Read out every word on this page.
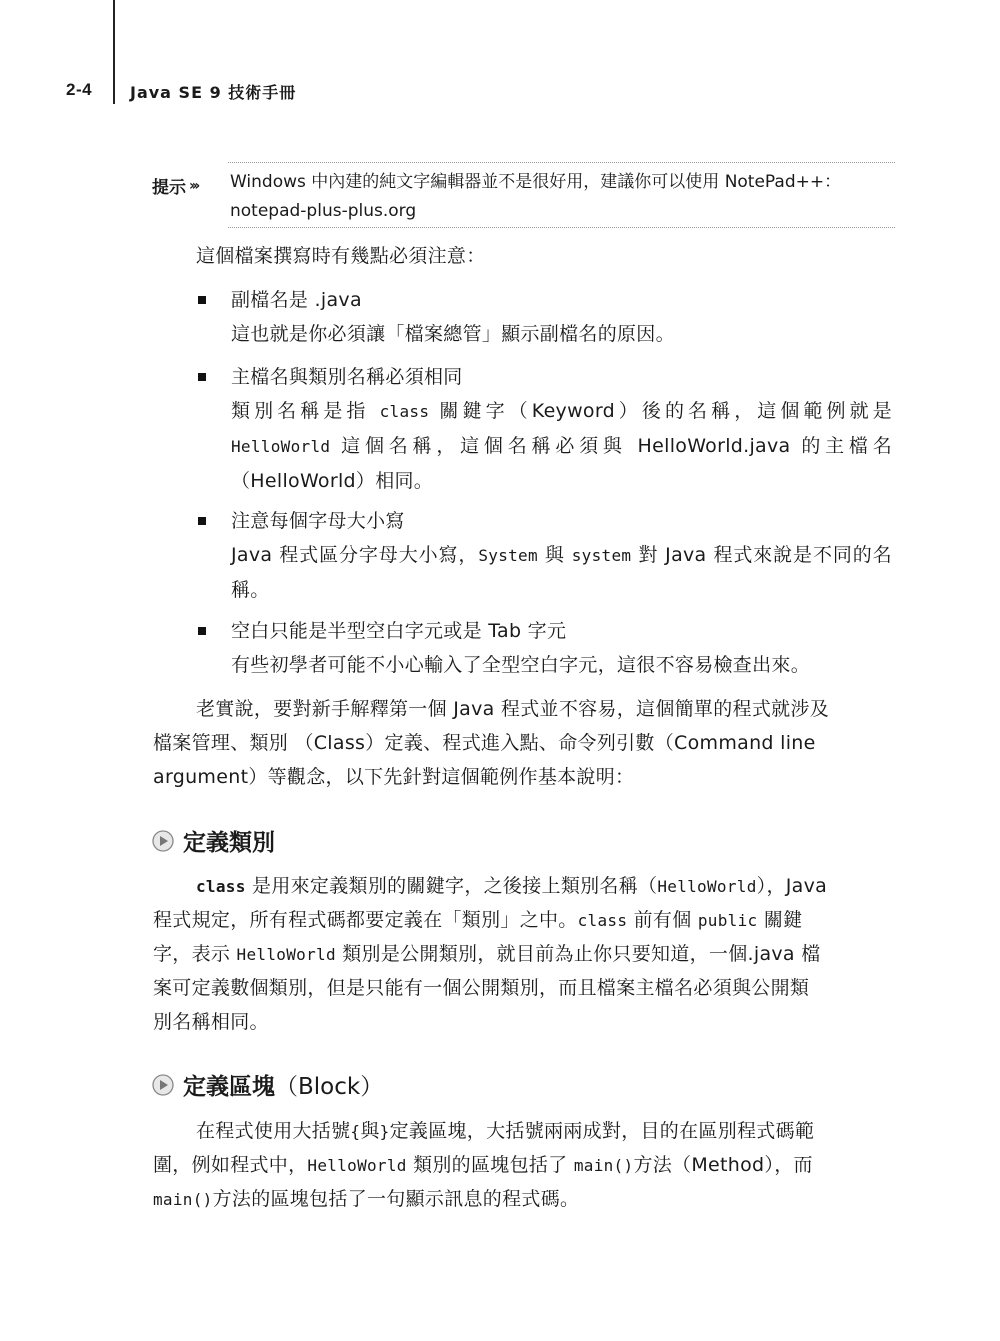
2-4 Java SE 9 技術手冊
提示 ››› Windows 中內建的純文字編輯器並不是很好用，建議你可以使用 NotePad++：
notepad-plus-plus.org
這個檔案撰寫時有幾點必須注意：
副檔名是 .java
這也就是你必須讓「檔案總管」顯示副檔名的原因。
主檔名與類別名稱必須相同
類別名稱是指 class 關鍵字（Keyword）後的名稱，這個範例就是 HelloWorld 這個名稱，這個名稱必須與 HelloWorld.java 的主檔名 （HelloWorld）相同。
注意每個字母大小寫
Java 程式區分字母大小寫，System 與 system 對 Java 程式來說是不同的名稱。
空白只能是半型空白字元或是 Tab 字元
有些初學者可能不小心輸入了全型空白字元，這很不容易檢查出來。
老實說，要對新手解釋第一個 Java 程式並不容易，這個簡單的程式就涉及
檔案管理、類別 （Class）定義、程式進入點、命令列引數（Command line
argument）等觀念，以下先針對這個範例作基本說明：
定義類別
class 是用來定義類別的關鍵字，之後接上類別名稱（HelloWorld），Java
程式規定，所有程式碼都要定義在「類別」之中。class 前有個 public 關鍵
字，表示 HelloWorld 類別是公開類別，就目前為止你只要知道，一個.java 檔
案可定義數個類別，但是只能有一個公開類別，而且檔案主檔名必須與公開類
別名稱相同。
定義區塊 （Block）
在程式使用大括號{與}定義區塊，大括號兩兩成對，目的在區別程式碼範
圍，例如程式中，HelloWorld 類別的區塊包括了 main()方法（Method），而
main()方法的區塊包括了一句顯示訊息的程式碼。
